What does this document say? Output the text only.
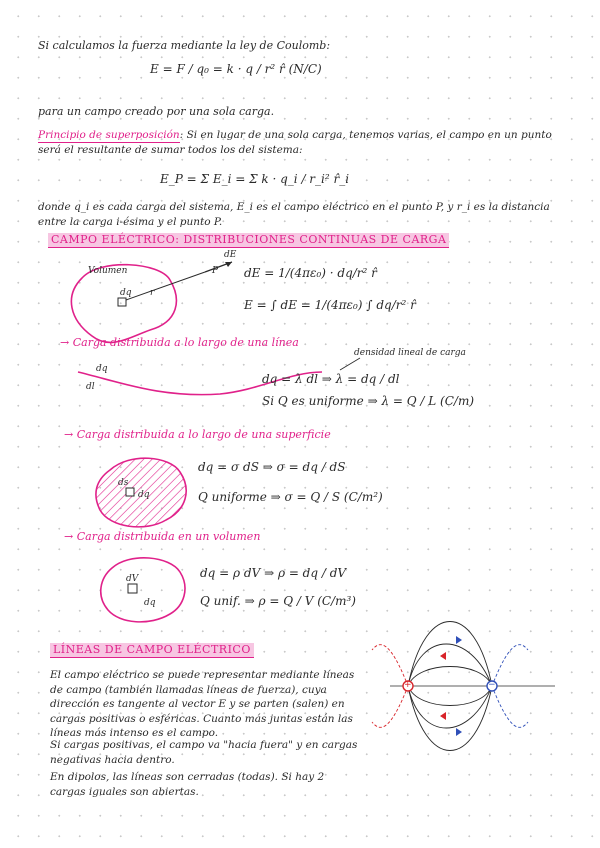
Si calculamos la fuerza mediante la ley de Coulomb:
E = F / q₀ = k · q / r² r̂ (N/C)
para un campo creado por una sola carga.
Principio de superposición: Si en lugar de una sola carga, tenemos varias, el campo en un punto será el resultante de sumar todos los del sistema:
E_P = Σ E_i = Σ k · q_i / r_i² r̂_i
donde q_i es cada carga del sistema, E_i es el campo eléctrico en el punto P, y r_i es la distancia entre la carga i-ésima y el punto P.
CAMPO ELÉCTRICO: DISTRIBUCIONES CONTINUAS DE CARGA
Volumen
dq r
dE
P dE = 1/(4πε₀) · dq/r² r̂
E = ∫ dE = 1/(4πε₀) ∫ dq/r² r̂
→ Carga distribuida a lo largo de una línea
densidad lineal de carga
dq
dl
dq = λ dl ⇒ λ = dq / dl
Si Q es uniforme ⇒ λ = Q / L (C/m)
→ Carga distribuida a lo largo de una superficie
ds
dq
dq = σ dS ⇒ σ = dq / dS
Q uniforme ⇒ σ = Q / S (C/m²)
→ Carga distribuida en un volumen
dV
dq
dq = ρ dV ⇒ ρ = dq / dV
Q unif. ⇒ ρ = Q / V (C/m³)
LÍNEAS DE CAMPO ELÉCTRICO
El campo eléctrico se puede representar mediante líneas de campo (también llamadas líneas de fuerza), cuya dirección es tangente al vector E y se parten (salen) en cargas positivas o esféricas. Cuanto más juntas están las líneas más intenso es el campo.
Si cargas positivas, el campo va "hacia fuera" y en cargas negativas hacia dentro.
En dipolos, las líneas son cerradas (todas). Si hay 2 cargas iguales son abiertas.
+	−
